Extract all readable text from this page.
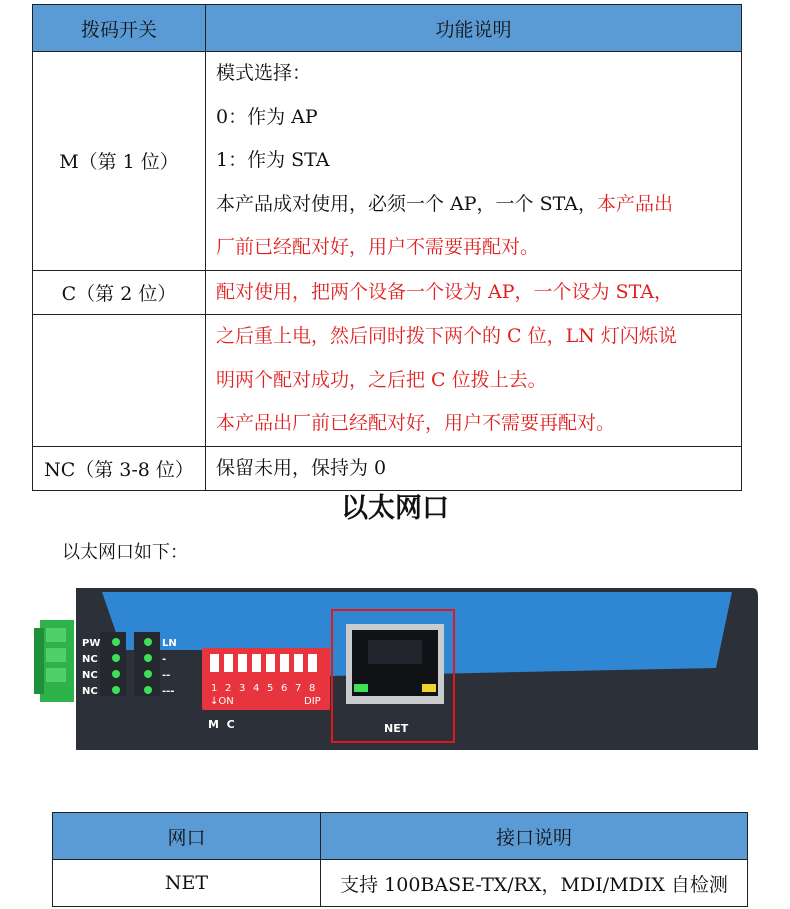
拨码开关	功能说明
M（第 1 位）	模式选择：
0：作为 AP
1：作为 STA
本产品成对使用，必须一个 AP，一个 STA，本产品出
厂前已经配对好，用户不需要再配对。

C（第 2 位）	配对使用，把两个设备一个设为 AP，一个设为 STA，

	之后重上电，然后同时拨下两个的 C 位，LN 灯闪烁说
明两个配对成功，之后把 C 位拨上去。
本产品出厂前已经配对好，用户不需要再配对。

NC（第 3-8 位）	保留未用，保持为 0
以太网口
以太网口如下：
PW
NC
NC
NC
LN
-
--
---	1 2 3 4 5 6 7 8
↓ON	DIP
M  C	NET
网口	接口说明
NET	支持 100BASE-TX/RX，MDI/MDIX 自检测
